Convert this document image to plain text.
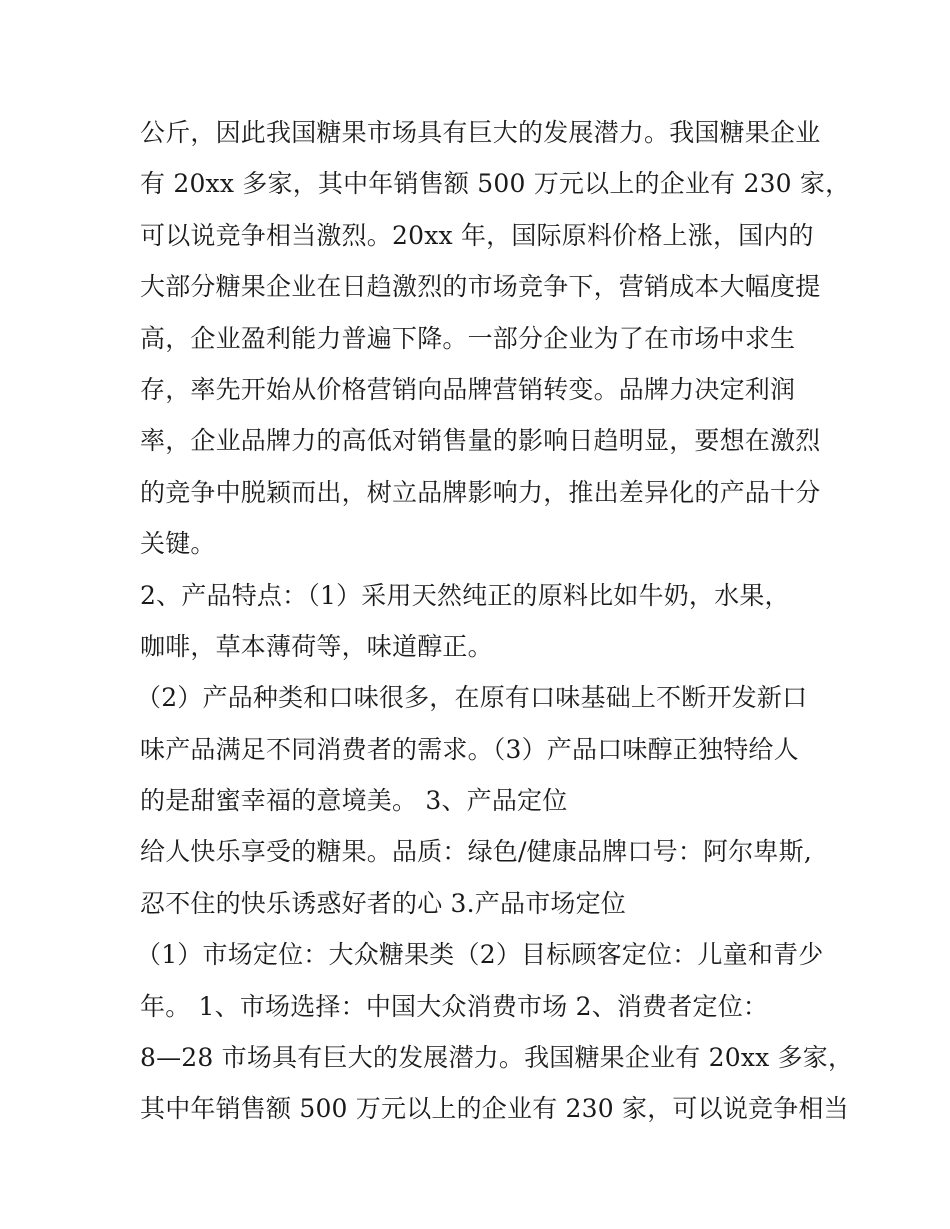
公斤，因此我国糖果市场具有巨大的发展潜力。我国糖果企业
有 20xx 多家，其中年销售额 500 万元以上的企业有 230 家，
可以说竞争相当激烈。20xx 年，国际原料价格上涨，国内的
大部分糖果企业在日趋激烈的市场竞争下，营销成本大幅度提
高，企业盈利能力普遍下降。一部分企业为了在市场中求生
存，率先开始从价格营销向品牌营销转变。品牌力决定利润
率，企业品牌力的高低对销售量的影响日趋明显，要想在激烈
的竞争中脱颖而出，树立品牌影响力，推出差异化的产品十分
关键。
2、产品特点：（1）采用天然纯正的原料比如牛奶，水果，
咖啡，草本薄荷等，味道醇正。
（2）产品种类和口味很多，在原有口味基础上不断开发新口
味产品满足不同消费者的需求。（3）产品口味醇正独特给人
的是甜蜜幸福的意境美。 3、产品定位
给人快乐享受的糖果。品质：绿色/健康品牌口号：阿尔卑斯,
忍不住的快乐诱惑好者的心 3.产品市场定位
（1）市场定位：大众糖果类（2）目标顾客定位：儿童和青少
年。 1、市场选择：中国大众消费市场 2、消费者定位：
8—28 市场具有巨大的发展潜力。我国糖果企业有 20xx 多家，
其中年销售额 500 万元以上的企业有 230 家，可以说竞争相当
